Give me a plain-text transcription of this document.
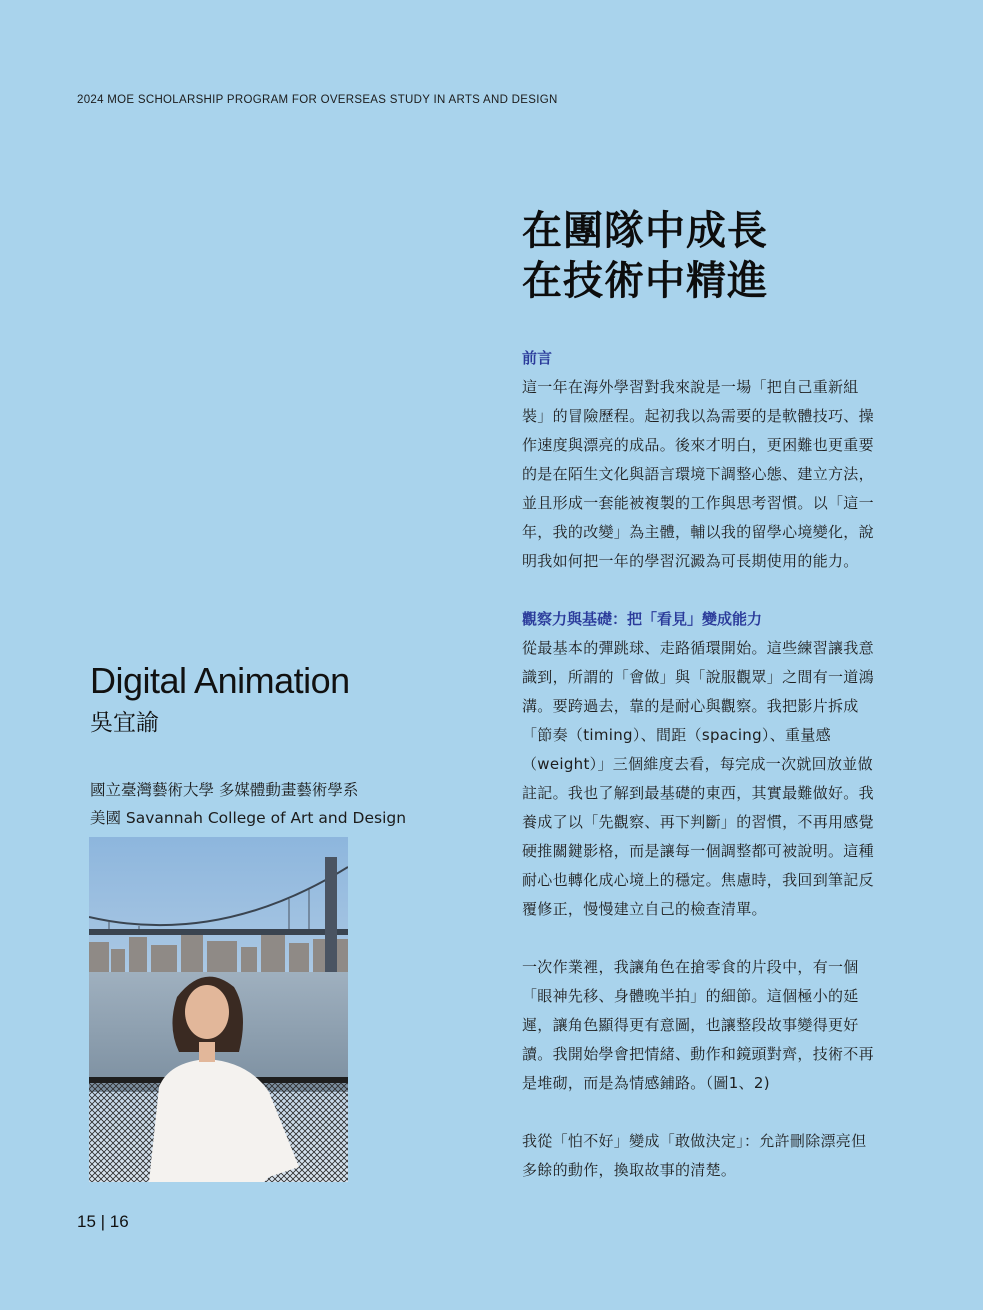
2024 MOE SCHOLARSHIP PROGRAM FOR OVERSEAS STUDY IN ARTS AND DESIGN
在團隊中成長
在技術中精進
前言
這一年在海外學習對我來說是一場「把自己重新組
裝」的冒險歷程。起初我以為需要的是軟體技巧、操
作速度與漂亮的成品。後來才明白，更困難也更重要
的是在陌生文化與語言環境下調整心態、建立方法，
並且形成一套能被複製的工作與思考習慣。以「這一
年，我的改變」為主體，輔以我的留學心境變化，說
明我如何把一年的學習沉澱為可長期使用的能力。
觀察力與基礎：把「看見」變成能力
從最基本的彈跳球、走路循環開始。這些練習讓我意
識到，所謂的「會做」與「說服觀眾」之間有一道鴻
溝。要跨過去，靠的是耐心與觀察。我把影片拆成
「節奏（timing）、間距（spacing）、重量感
（weight）」三個維度去看，每完成一次就回放並做
註記。我也了解到最基礎的東西，其實最難做好。我
養成了以「先觀察、再下判斷」的習慣，不再用感覺
硬推關鍵影格，而是讓每一個調整都可被說明。這種
耐心也轉化成心境上的穩定。焦慮時，我回到筆記反
覆修正，慢慢建立自己的檢查清單。
一次作業裡，我讓角色在搶零食的片段中，有一個
「眼神先移、身體晚半拍」的細節。這個極小的延
遲，讓角色顯得更有意圖，也讓整段故事變得更好
讀。我開始學會把情緒、動作和鏡頭對齊，技術不再
是堆砌，而是為情感鋪路。（圖1、2)
我從「怕不好」變成「敢做決定」：允許刪除漂亮但
多餘的動作，換取故事的清楚。
Digital Animation
吳宜諭
國立臺灣藝術大學 多媒體動畫藝術學系
美國 Savannah College of Art and Design
15 | 16
